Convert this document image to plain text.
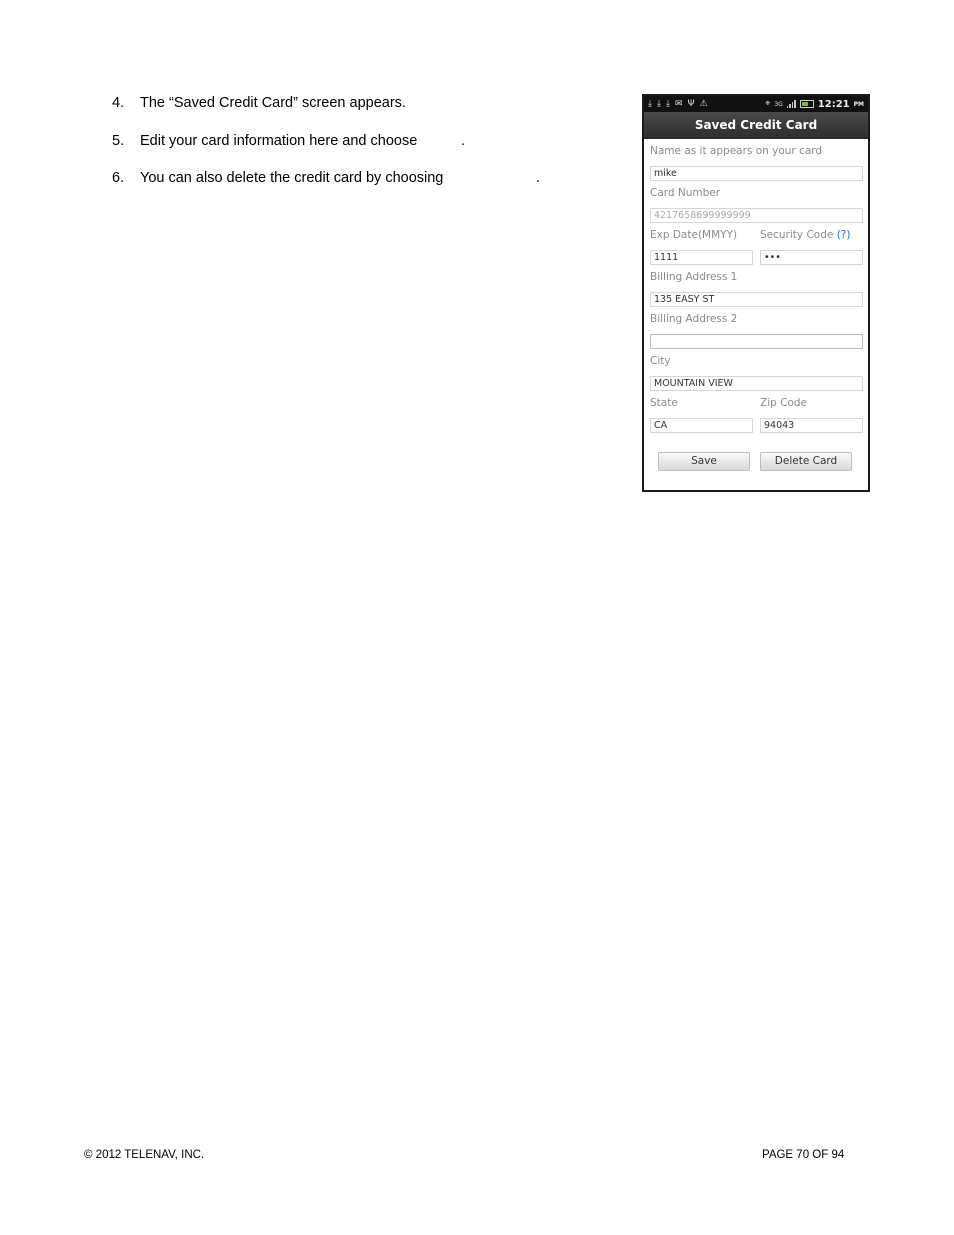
4. The “Saved Credit Card” screen appears.
5. Edit your card information here and choose	.
6. You can also delete the credit card by choosing	.
⤓ ⤓ ⤓ ✉ Ψ ⚠	⌖ 3G	12:21 PM
Saved Credit Card
Name as it appears on your card
mike
Card Number
4217658699999999
Exp Date(MMYY) Security Code (?)
1111	•••
Billing Address 1
135 EASY ST
Billing Address 2
City
MOUNTAIN VIEW
State	Zip Code
CA	94043
Save	Delete Card
© 2012 TELENAV, INC.	PAGE 70 OF 94
